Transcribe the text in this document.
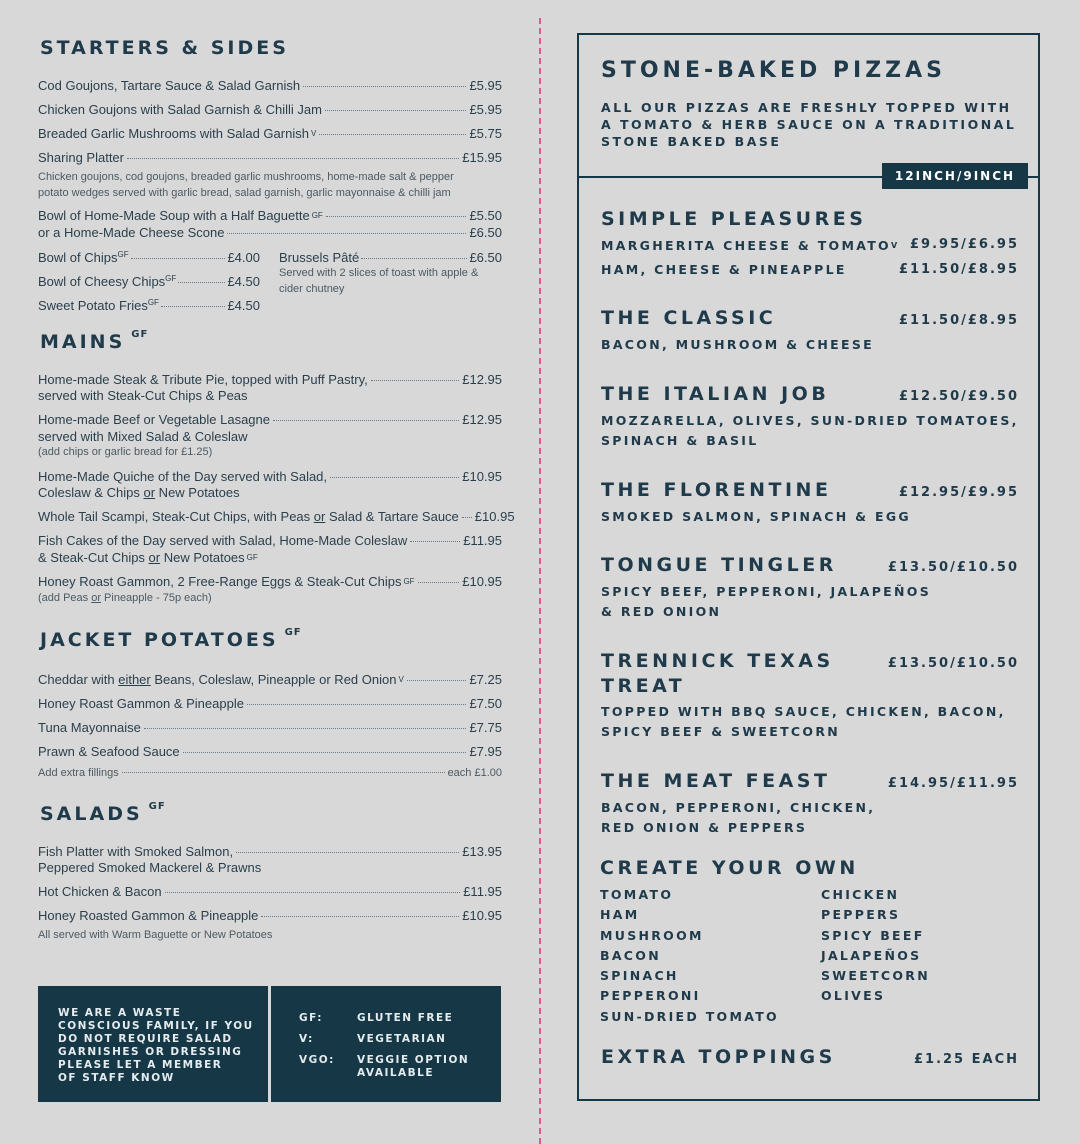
STARTERS & SIDES
Cod Goujons, Tartare Sauce & Salad Garnish	£5.95
Chicken Goujons with Salad Garnish & Chilli Jam	£5.95
Breaded Garlic Mushrooms with Salad Garnish $^V$	£5.75
Sharing Platter	£15.95
Chicken goujons, cod goujons, breaded garlic mushrooms, home-made salt & pepper
potato wedges served with garlic bread, salad garnish, garlic mayonnaise & chilli jam
Bowl of Home-Made Soup with a Half Baguette $^{GF}$	£5.50
or a Home-Made Cheese Scone	£6.50
Bowl of Chips$^{GF}$	£4.00
Bowl of Cheesy Chips$^{GF}$	£4.50
Sweet Potato Fries$^{GF}$	£4.50
Brussels Pâté	£6.50
Served with 2 slices of toast with apple &
cider chutney
MAINS $^{GF}$
Home-made Steak & Tribute Pie, topped with Puff Pastry,	£12.95
served with Steak-Cut Chips & Peas
Home-made Beef or Vegetable Lasagne	£12.95
served with Mixed Salad & Coleslaw
(add chips or garlic bread for £1.25)
Home-Made Quiche of the Day served with Salad,	£10.95
Coleslaw & Chips or New Potatoes
Whole Tail Scampi, Steak-Cut Chips, with Peas or Salad & Tartare Sauce £10.95
Fish Cakes of the Day served with Salad, Home-Made Coleslaw	£11.95
& Steak-Cut Chips or New Potatoes $^{GF}$
Honey Roast Gammon, 2 Free-Range Eggs & Steak-Cut Chips $^{GF}$	£10.95
(add Peas or Pineapple - 75p each)
JACKET POTATOES $^{GF}$
Cheddar with either Beans, Coleslaw, Pineapple or Red Onion $^V$	£7.25
Honey Roast Gammon & Pineapple	£7.50
Tuna Mayonnaise	£7.75
Prawn & Seafood Sauce	£7.95
Add extra fillings	each £1.00
SALADS $^{GF}$
Fish Platter with Smoked Salmon,	£13.95
Peppered Smoked Mackerel & Prawns
Hot Chicken & Bacon	£11.95
Honey Roasted Gammon & Pineapple	£10.95
All served with Warm Baguette or New Potatoes
WE ARE A WASTE
CONSCIOUS FAMILY, IF YOU
DO NOT REQUIRE SALAD
GARNISHES OR DRESSING
PLEASE LET A MEMBER
OF STAFF KNOW
GF:	GLUTEN FREE
V:	VEGETARIAN
VGO: VEGGIE OPTION
AVAILABLE
STONE-BAKED PIZZAS
ALL OUR PIZZAS ARE FRESHLY TOPPED WITH
A TOMATO & HERB SAUCE ON A TRADITIONAL
STONE BAKED BASE
12INCH/9INCH
SIMPLE PLEASURES
MARGHERITA CHEESE & $TOMATO^V$ £9.95/£6.95
HAM, CHEESE & PINEAPPLE	£11.50/£8.95
THE CLASSIC	£11.50/£8.95
BACON, MUSHROOM & CHEESE
THE ITALIAN JOB	£12.50/£9.50
MOZZARELLA, OLIVES, SUN-DRIED TOMATOES,
SPINACH & BASIL
THE FLORENTINE	£12.95/£9.95
SMOKED SALMON, SPINACH & EGG
TONGUE TINGLER	£13.50/£10.50
SPICY BEEF, PEPPERONI, JALAPEÑOS
& RED ONION
TRENNICK TEXAS
TREAT
£13.50/£10.50
TOPPED WITH BBQ SAUCE, CHICKEN, BACON,
SPICY BEEF & SWEETCORN
THE MEAT FEAST	£14.95/£11.95
BACON, PEPPERONI, CHICKEN,
RED ONION & PEPPERS
CREATE YOUR OWN
TOMATO
HAM
MUSHROOM
BACON
SPINACH
PEPPERONI
SUN-DRIED TOMATO
CHICKEN
PEPPERS
SPICY BEEF
JALAPEÑOS
SWEETCORN
OLIVES
EXTRA TOPPINGS	£1.25 EACH
